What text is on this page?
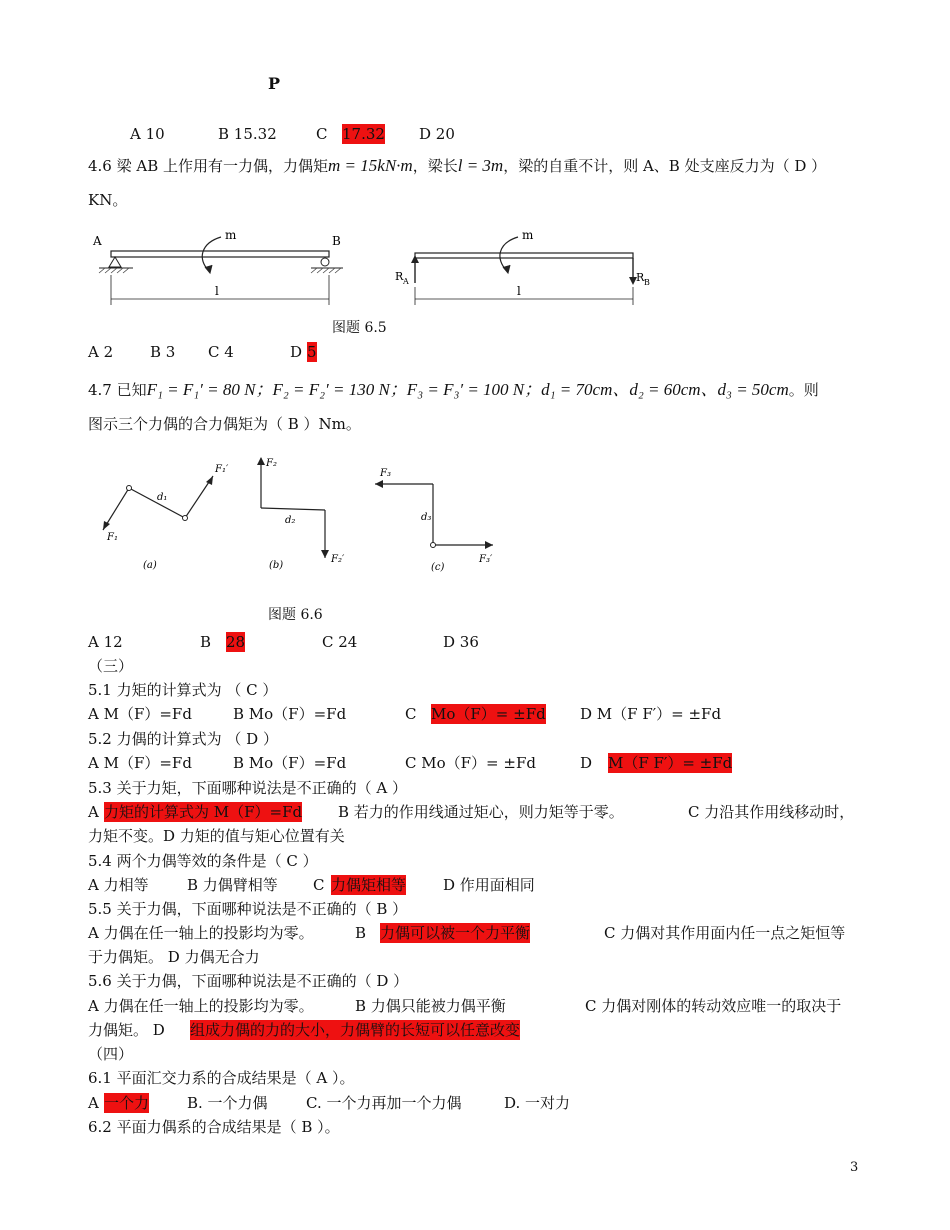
P
A 10	B 15.32	C 17.32 D 20
4.6 梁 AB 上作用有一力偶，力偶矩m = 15kN·m，梁长l = 3m，梁的自重不计，则 A、B 处支座反力为（ D ）
KN。
A	B
m
l
R A	R B
m
l
图题 6.5
A 2 B 3 C 4	D 5
4.7 已知F₁ = F₁′ = 80 N；F₂ = F₂′ = 130 N；F₃ = F₃′ = 100 N；d₁ = 70cm、d₂ = 60cm、d₃ = 50cm。则
图示三个力偶的合力偶矩为（ B ）Nm。
F₁
F₁′
d₁
(a)
F₂
F₂′
d₂
(b)
F₃
F₃′
d₃
(c)
图题 6.6
A 12	B 28	C 24	D 36
（三）
5.1 力矩的计算式为 （ C ）
A M（F）=Fd	B Mo（F）=Fd	C Mo（F）= ±Fd D M（F F′）= ±Fd
5.2 力偶的计算式为 （ D ）
A M（F）=Fd	B Mo（F）=Fd	C Mo（F）= ±Fd	D M（F F′）= ±Fd
5.3 关于力矩，下面哪种说法是不正确的（ A ）
A 力矩的计算式为 M（F）=Fd B 若力的作用线通过矩心，则力矩等于零。	C 力沿其作用线移动时，
力矩不变。D 力矩的值与矩心位置有关
5.4 两个力偶等效的条件是（ C ）
A 力相等	B 力偶臂相等 C 力偶矩相等 D 作用面相同
5.5 关于力偶，下面哪种说法是不正确的（ B ）
A 力偶在任一轴上的投影均为零。	B 力偶可以被一个力平衡	C 力偶对其作用面内任一点之矩恒等
于力偶矩。 D 力偶无合力
5.6 关于力偶，下面哪种说法是不正确的（ D ）
A 力偶在任一轴上的投影均为零。	B 力偶只能被力偶平衡	C 力偶对刚体的转动效应唯一的取决于
力偶矩。 D 组成力偶的力的大小，力偶臂的长短可以任意改变
（四）
6.1 平面汇交力系的合成结果是（ A ）。
A 一个力	B. 一个力偶	C. 一个力再加一个力偶	D. 一对力
6.2 平面力偶系的合成结果是（ B ）。
3
